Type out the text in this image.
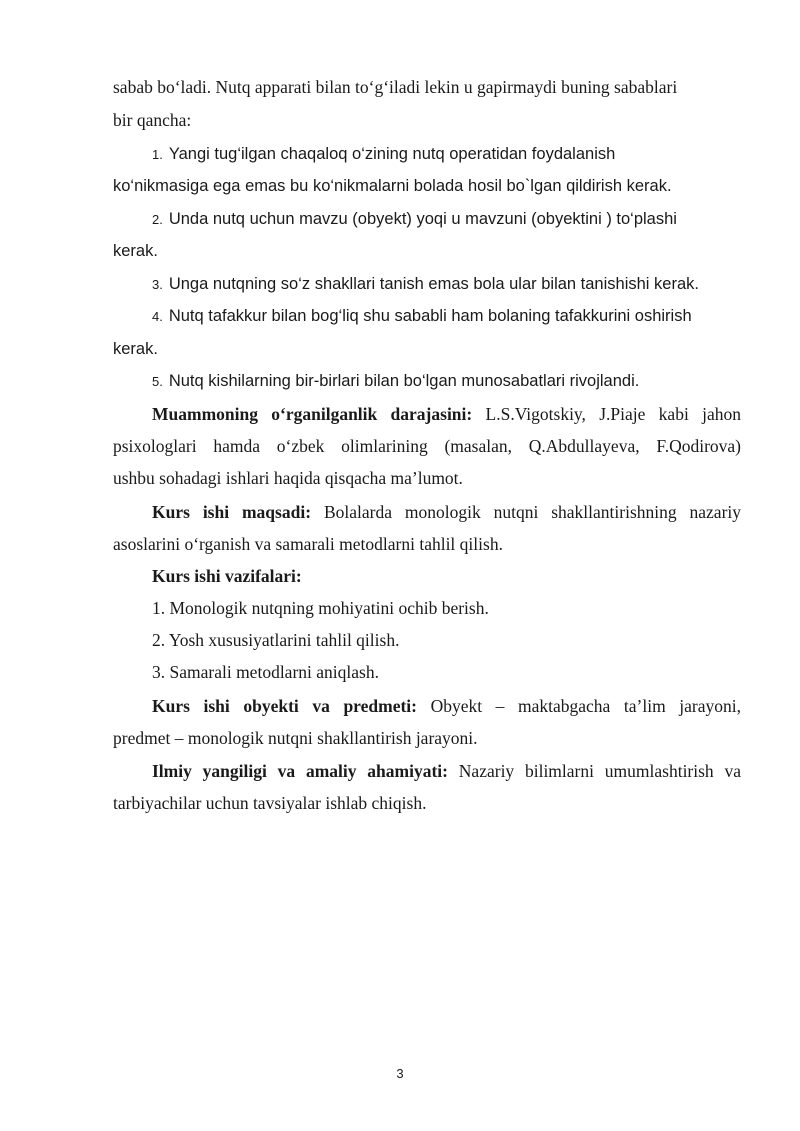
sabab bo‘ladi. Nutq apparati bilan to‘g‘iladi lekin u gapirmaydi buning sabablari
bir qancha:
1. Yangi tug‘ilgan chaqaloq o‘zining nutq operatidan foydalanish
ko‘nikmasiga ega emas bu ko‘nikmalarni bolada hosil bo`lgan qildirish kerak.
2. Unda nutq uchun mavzu (obyekt) yoqi u mavzuni (obyektini ) to‘plashi
kerak.
3. Unga nutqning so‘z shakllari tanish emas bola ular bilan tanishishi kerak.
4. Nutq tafakkur bilan bog‘liq shu sababli ham bolaning tafakkurini oshirish
kerak.
5. Nutq kishilarning bir-birlari bilan bo‘lgan munosabatlari rivojlandi.
Muammoning o‘rganilganlik darajasini: L.S.Vigotskiy, J.Piaje kabi jahon
psixologlari hamda o‘zbek olimlarining (masalan, Q.Abdullayeva, F.Qodirova)
ushbu sohadagi ishlari haqida qisqacha ma’lumot.
Kurs ishi maqsadi: Bolalarda monologik nutqni shakllantirishning nazariy
asoslarini o‘rganish va samarali metodlarni tahlil qilish.
Kurs ishi vazifalari:
1. Monologik nutqning mohiyatini ochib berish.
2. Yosh xususiyatlarini tahlil qilish.
3. Samarali metodlarni aniqlash.
Kurs ishi obyekti va predmeti: Obyekt – maktabgacha ta’lim jarayoni,
predmet – monologik nutqni shakllantirish jarayoni.
Ilmiy yangiligi va amaliy ahamiyati: Nazariy bilimlarni umumlashtirish va
tarbiyachilar uchun tavsiyalar ishlab chiqish.
3
